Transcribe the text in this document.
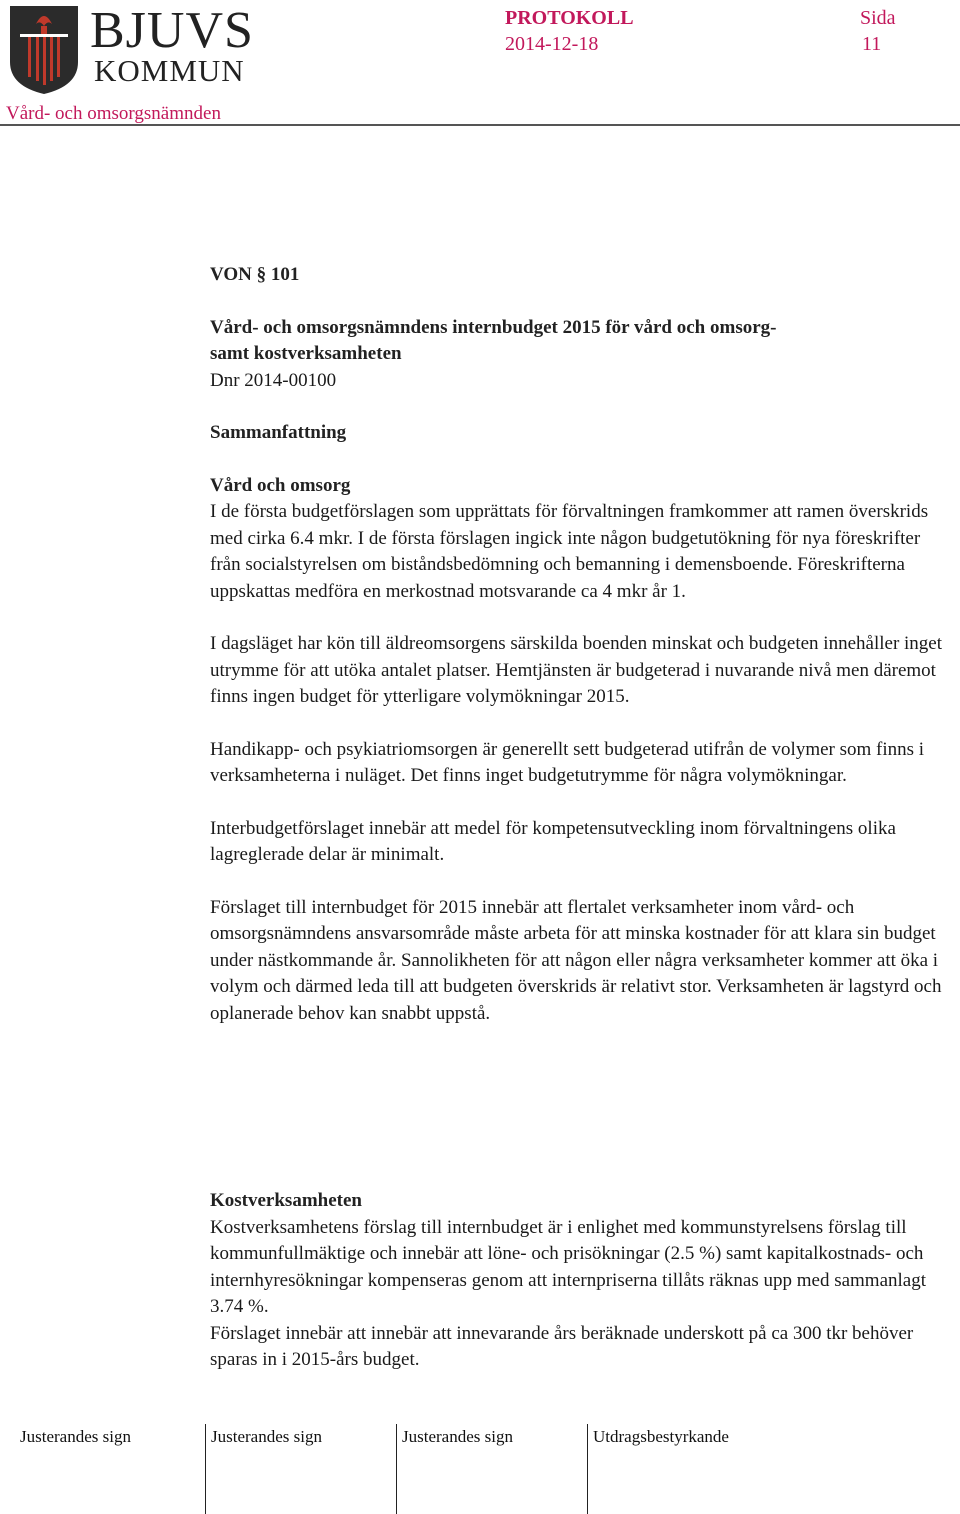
BJUVS
KOMMUN
PROTOKOLL
2014-12-18
Sida
11
Vård- och omsorgsnämnden

VON § 101

Vård- och omsorgsnämndens internbudget 2015 för vård och omsorg-

samt kostverksamheten

Dnr 2014-00100

Sammanfattning

Vård och omsorg

I de första budgetförslagen som upprättats för förvaltningen framkommer att ramen överskrids med cirka 6.4 mkr. I de första förslagen ingick inte någon budgetutökning för nya föreskrifter från socialstyrelsen om biståndsbedömning och bemanning i demensboende. Föreskrifterna uppskattas medföra en merkostnad motsvarande ca 4 mkr år 1.

I dagsläget har kön till äldreomsorgens särskilda boenden minskat och budgeten innehåller inget utrymme för att utöka antalet platser. Hemtjänsten är budgeterad i nuvarande nivå men däremot finns ingen budget för ytterligare volymökningar 2015.

Handikapp- och psykiatriomsorgen är generellt sett budgeterad utifrån de volymer som finns i verksamheterna i nuläget. Det finns inget budgetutrymme för några volymökningar.

Interbudgetförslaget innebär att medel för kompetensutveckling inom förvaltningens olika lagreglerade delar är minimalt.

Förslaget till internbudget för 2015 innebär att flertalet verksamheter inom vård- och omsorgsnämndens ansvarsområde måste arbeta för att minska kostnader för att klara sin budget under nästkommande år. Sannolikheten för att någon eller några verksamheter kommer att öka i volym och därmed leda till att budgeten överskrids är relativt stor. Verksamheten är lagstyrd och oplanerade behov kan snabbt uppstå.

Kostverksamheten

Kostverksamhetens förslag till internbudget är i enlighet med kommunstyrelsens förslag till kommunfullmäktige och innebär att löne- och prisökningar (2.5 %) samt kapitalkostnads- och internhyresökningar kompenseras genom att internpriserna tillåts räknas upp med sammanlagt 3.74 %.

Förslaget innebär att innebär att innevarande års beräknade underskott på ca 300 tkr behöver sparas in i 2015-års budget.

Justerandes sign	Justerandes sign	Justerandes sign	Utdragsbestyrkande
